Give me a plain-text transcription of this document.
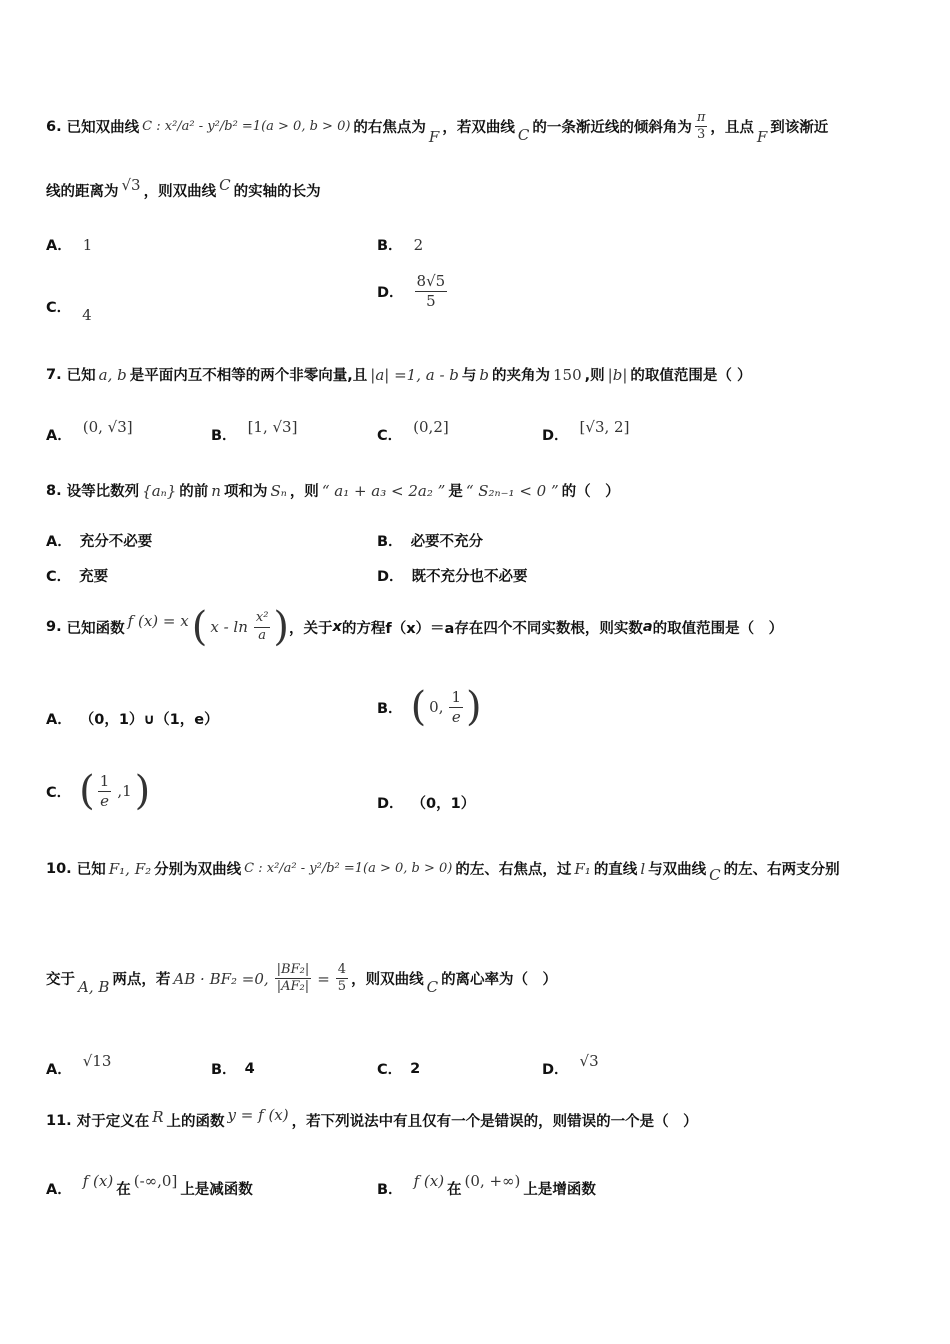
6.
已知双曲线 C : x²/a² - y²/b² =1(a > 0, b > 0) 的右焦点为 F ，若双曲线 C 的一条渐近线的倾斜角为 $\frac{\pi}{3}$ ，且点 F 到该渐近
线的距离为 √3 ，则双曲线 C 的实轴的长为
A． 1	B． 2
C． 4
D． $\frac{8√5}{5}$
7.
已知 a, b 是平面内互不相等的两个非零向量,且 |a| =1, a - b 与 b 的夹角为 150 ,则 |b| 的取值范围是（ ）
A．
(0, √3]
B．
[1, √3]
C．
(0,2]
D．
[√3, 2]
8.
设等比数列 {aₙ} 的前 n 项和为 Sₙ ，则 “ a₁ + a₃ < 2a₂ ” 是 “ S₂ₙ₋₁ < 0 ” 的（　）
A． 充分不必要	B． 必要不充分
C． 充要	D． 既不充分也不必要
9.
已知函数 f (x) = x ( x - $\ln \frac{\text{x²}}{a}$ ) ，关于 x 的方程 f（x）＝a 存在四个不同实数根，则实数 a 的取值范围是（　）
A． （0，1）∪（1，e）
B． ( 0, $\frac{1}{e}$ )
C． ( $\frac{1}{e} ,1$ )	D． （0，1）
10.
已知 F₁, F₂ 分别为双曲线 C : x²/a² - y²/b² =1(a > 0, b > 0) 的左、右焦点，过 F₁ 的直线 l 与双曲线 C 的左、右两支分别
交于 A, B 两点，若 AB · BF₂ =0, $\frac{\text{|BF₂|}}{\text{|AF₂|}} = \frac{4}{5}$ ，则双曲线 C 的离心率为（　）
A．
√13
B． 4	C． 2	D．
√3
11.
对于定义在 R 上的函数 y = f (x) ，若下列说法中有且仅有一个是错误的，则错误的一个是（　）
A．
f (x)
在
(-∞,0]
上是减函数	B．
f (x)
在
(0, +∞)
上是增函数
